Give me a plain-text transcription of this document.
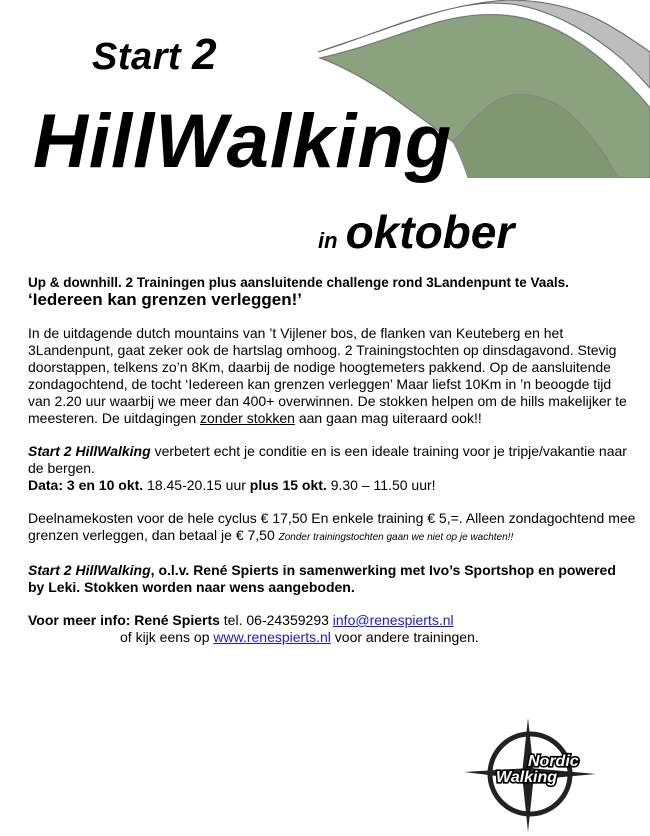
Start 2
HillWalking
in oktober

Up & downhill. 2 Trainingen plus aansluitende challenge rond 3Landenpunt te Vaals. ‘Iedereen kan grenzen verleggen!’

In de uitdagende dutch mountains van ’t Vijlener bos, de flanken van Keuteberg en het 3Landenpunt, gaat zeker ook de hartslag omhoog. 2 Trainingstochten op dinsdagavond. Stevig doorstappen, telkens zo’n 8Km, daarbij de nodige hoogtemeters pakkend. Op de aansluitende zondagochtend, de tocht ‘Iedereen kan grenzen verleggen’ Maar liefst 10Km in ’n beoogde tijd van 2.20 uur waarbij we meer dan 400+ overwinnen. De stokken helpen om de hills makelijker te meesteren. De uitdagingen zonder stokken aan gaan mag uiteraard ook!!

Start 2 HillWalking verbetert echt je conditie en is een ideale training voor je tripje/vakantie naar de bergen.
Data: 3 en 10 okt. 18.45-20.15 uur plus 15 okt. 9.30 – 11.50 uur!

Deelnamekosten voor de hele cyclus € 17,50 En enkele training € 5,=. Alleen zondagochtend mee grenzen verleggen, dan betaal je € 7,50 Zonder trainingstochten gaan we niet op je wachten!!

Start 2 HillWalking, o.l.v. René Spierts in samenwerking met Ivo’s Sportshop en powered by Leki. Stokken worden naar wens aangeboden.

Voor meer info: René Spierts tel. 06-24359293 info@renespierts.nl
of kijk eens op www.renespierts.nl voor andere trainingen.

Nordic
Walking
